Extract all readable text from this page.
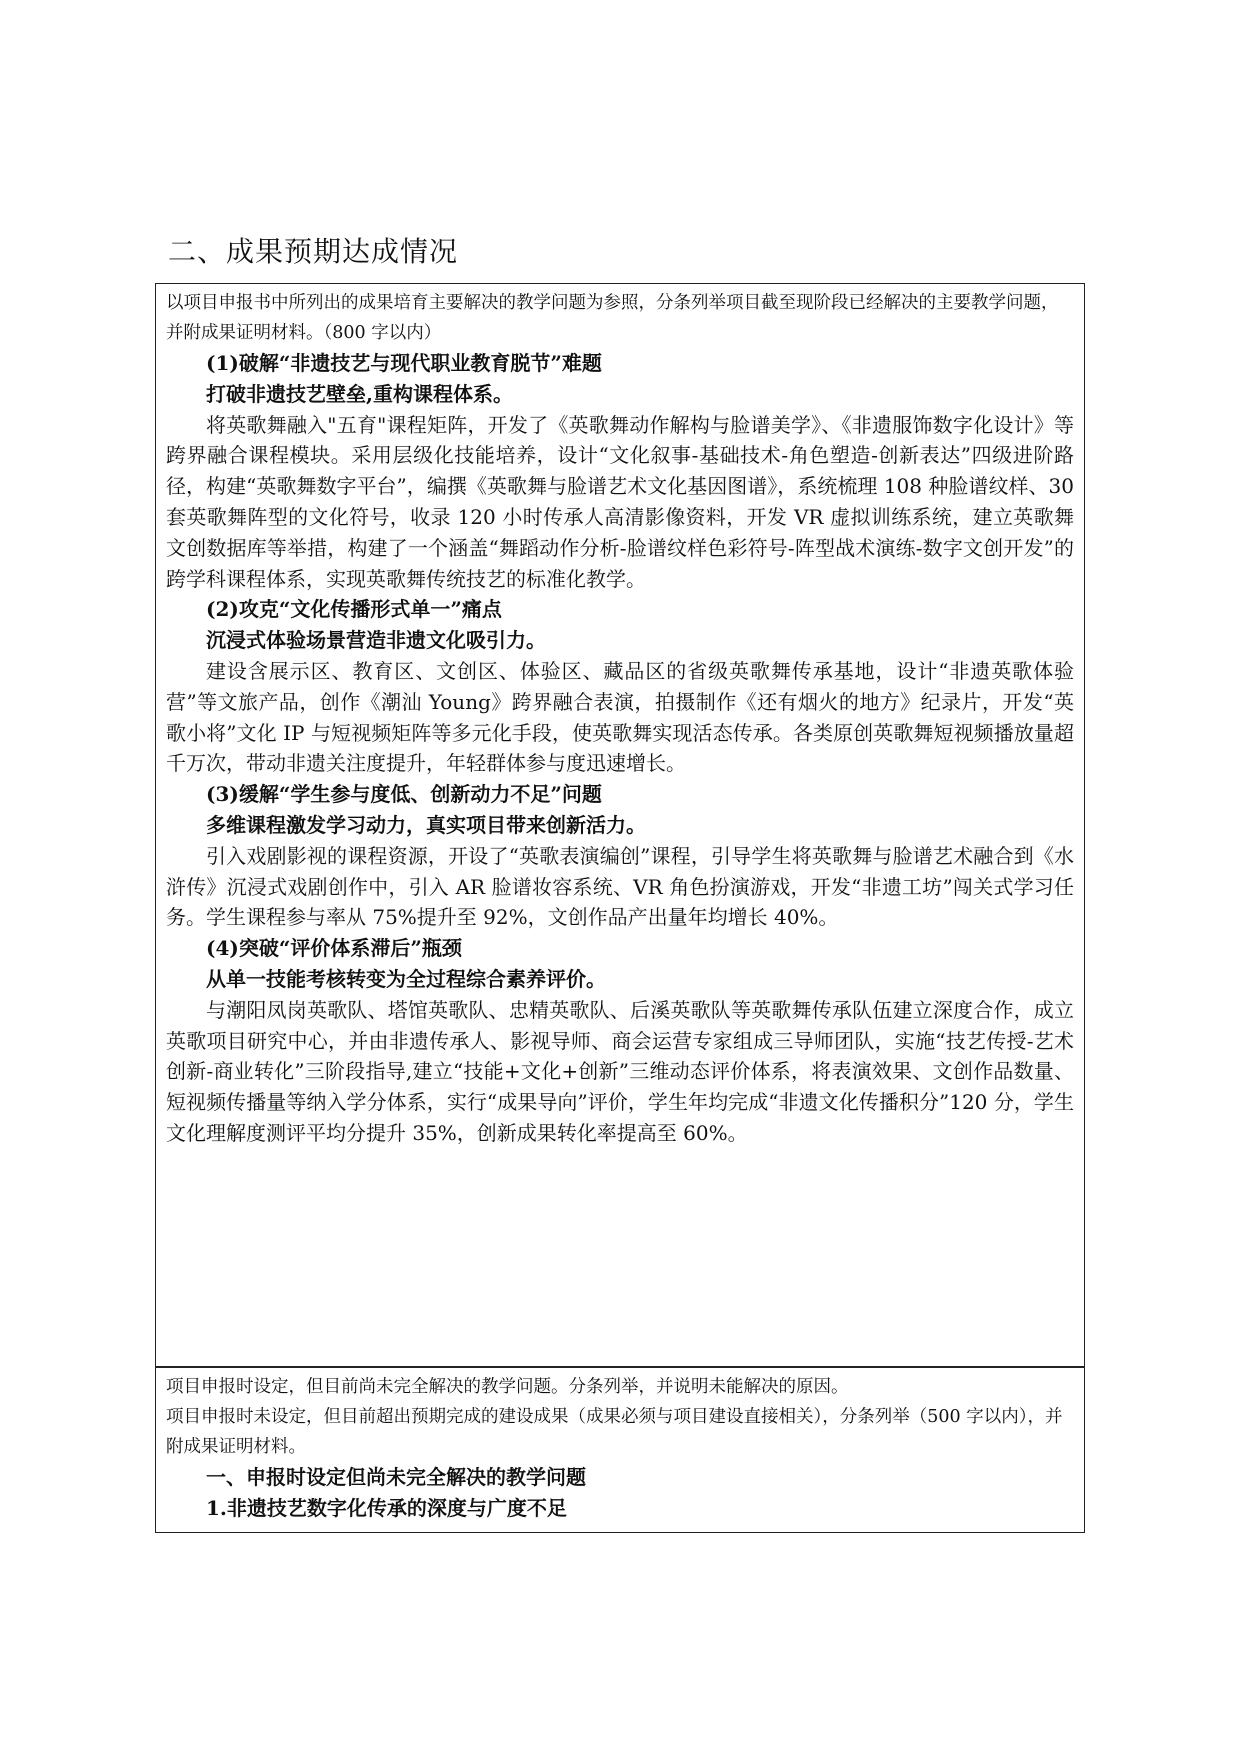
二、成果预期达成情况

以项目申报书中所列出的成果培育主要解决的教学问题为参照，分条列举项目截至现阶段已经解决的主要教学问题，并附成果证明材料。（800 字以内）

(1)破解“非遗技艺与现代职业教育脱节”难题

打破非遗技艺壁垒,重构课程体系。

将英歌舞融入"五育"课程矩阵，开发了《英歌舞动作解构与脸谱美学》、《非遗服饰数字化设计》等跨界融合课程模块。采用层级化技能培养，设计“文化叙事-基础技术-角色塑造-创新表达”四级进阶路径，构建“英歌舞数字平台”，编撰《英歌舞与脸谱艺术文化基因图谱》，系统梳理 108 种脸谱纹样、30 套英歌舞阵型的文化符号，收录 120 小时传承人高清影像资料，开发 VR 虚拟训练系统，建立英歌舞文创数据库等举措，构建了一个涵盖“舞蹈动作分析-脸谱纹样色彩符号-阵型战术演练-数字文创开发”的跨学科课程体系，实现英歌舞传统技艺的标准化教学。

(2)攻克“文化传播形式单一”痛点

沉浸式体验场景营造非遗文化吸引力。

建设含展示区、教育区、文创区、体验区、藏品区的省级英歌舞传承基地，设计“非遗英歌体验营”等文旅产品，创作《潮汕 Young》跨界融合表演，拍摄制作《还有烟火的地方》纪录片，开发“英歌小将”文化 IP 与短视频矩阵等多元化手段，使英歌舞实现活态传承。各类原创英歌舞短视频播放量超千万次，带动非遗关注度提升，年轻群体参与度迅速增长。

(3)缓解“学生参与度低、创新动力不足”问题

多维课程激发学习动力，真实项目带来创新活力。

引入戏剧影视的课程资源，开设了“英歌表演编创”课程，引导学生将英歌舞与脸谱艺术融合到《水浒传》沉浸式戏剧创作中，引入 AR 脸谱妆容系统、VR 角色扮演游戏，开发“非遗工坊”闯关式学习任务。学生课程参与率从 75%提升至 92%，文创作品产出量年均增长 40%。

(4)突破“评价体系滞后”瓶颈

从单一技能考核转变为全过程综合素养评价。

与潮阳凤岗英歌队、塔馆英歌队、忠精英歌队、后溪英歌队等英歌舞传承队伍建立深度合作，成立英歌项目研究中心，并由非遗传承人、影视导师、商会运营专家组成三导师团队，实施“技艺传授-艺术创新-商业转化”三阶段指导,建立“技能+文化+创新”三维动态评价体系，将表演效果、文创作品数量、短视频传播量等纳入学分体系，实行“成果导向”评价，学生年均完成“非遗文化传播积分”120 分，学生文化理解度测评平均分提升 35%，创新成果转化率提高至 60%。

项目申报时设定，但目前尚未完全解决的教学问题。分条列举，并说明未能解决的原因。

项目申报时未设定，但目前超出预期完成的建设成果（成果必须与项目建设直接相关），分条列举（500 字以内），并附成果证明材料。

一、申报时设定但尚未完全解决的教学问题

1.非遗技艺数字化传承的深度与广度不足
